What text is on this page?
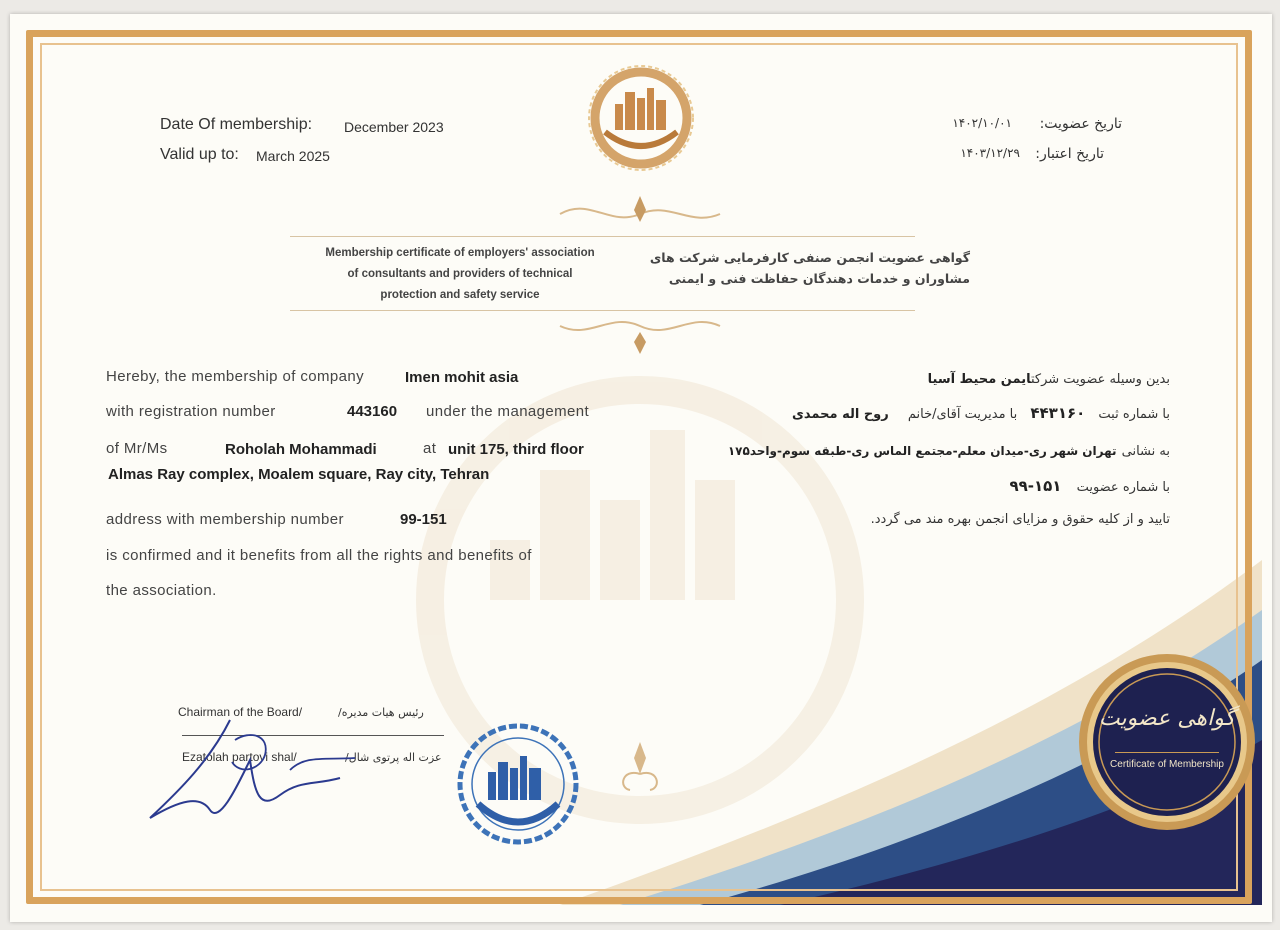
Date Of membership: December 2023
Valid up to: March 2025
تاریخ عضویت:
۱۴۰۲/۱۰/۰۱
تاریخ اعتبار:
۱۴۰۳/۱۲/۲۹
Membership certificate of employers' association
of consultants and providers of technical
protection and safety service
گواهی عضویت انجمن صنفی کارفرمایی شرکت های
مشاوران و خدمات دهندگان حفاظت فنی و ایمنی
Hereby, the membership of company	Imen mohit asia
with registration number	443160 under the management
of Mr/Ms	Roholah Mohammadi	at unit 175, third floor
Almas Ray complex, Moalem square, Ray city, Tehran
address with membership number	99-151
is confirmed and it benefits from all the rights and benefits of
the association.
بدین وسیله عضویت شرکتایمن محیط آسیا
با شماره ثبت ۴۴۳۱۶۰ با مدیریت آقای/خانم روح اله محمدی
به نشانی تهران شهر ری-میدان معلم-مجتمع الماس ری-طبقه سوم-واحد۱۷۵
با شماره عضویت ۱۵۱-۹۹
تایید و از کلیه حقوق و مزایای انجمن بهره مند می گردد.
Chairman of the Board/	رئیس هیات مدیره/
Ezatolah partovi shal/	عزت اله پرتوی شال/
گواهی عضویت
Certificate of Membership
